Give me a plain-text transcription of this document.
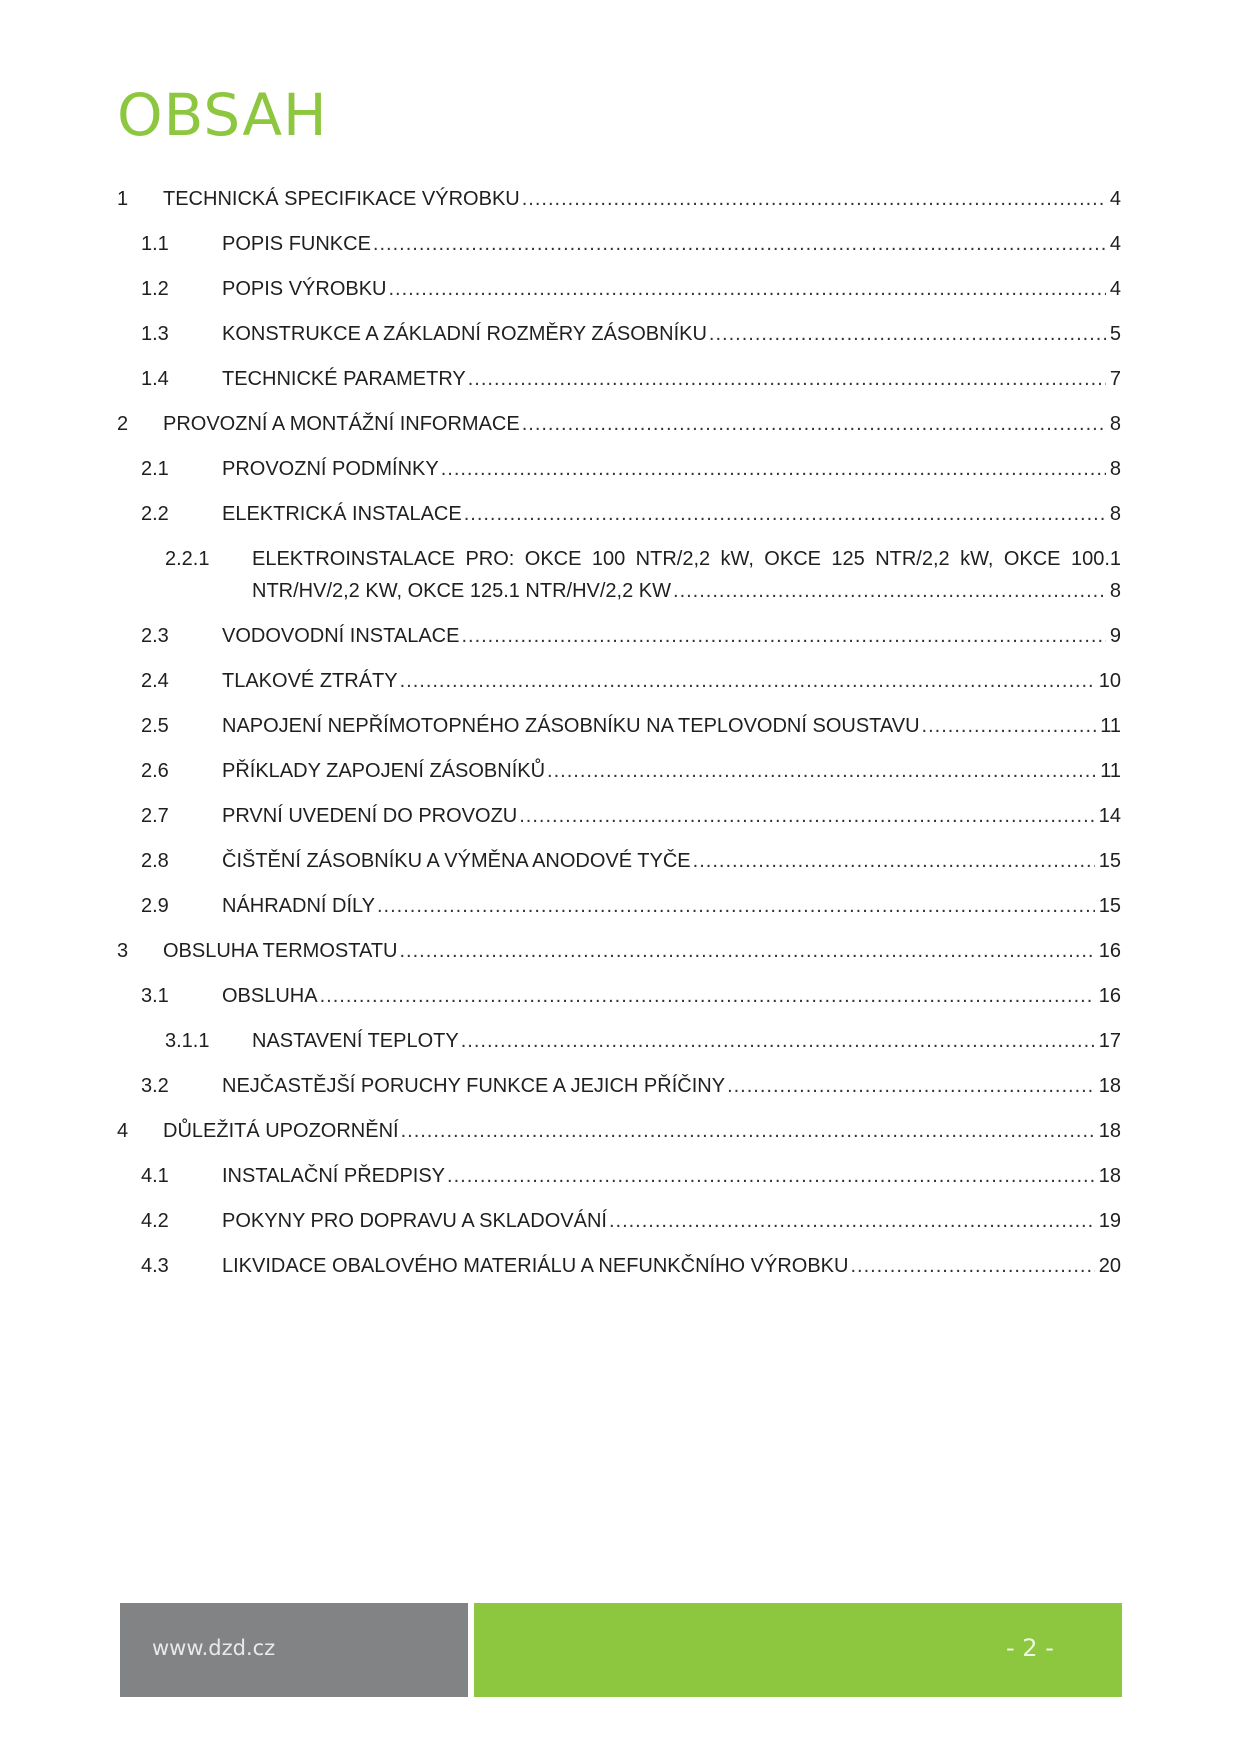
OBSAH
1 TECHNICKÁ SPECIFIKACE VÝROBKU .....	4
1.1	POPIS FUNKCE .....	4
1.2	POPIS VÝROBKU .....	4
1.3	KONSTRUKCE A ZÁKLADNÍ ROZMĚRY ZÁSOBNÍKU .....	5
1.4	TECHNICKÉ PARAMETRY .....	7
2 PROVOZNÍ A MONTÁŽNÍ INFORMACE .....	8
2.1	PROVOZNÍ PODMÍNKY .....	8
2.2	ELEKTRICKÁ INSTALACE .....	8
2.2.1 ELEKTROINSTALACE PRO: OKCE 100 NTR/2,2 kW, OKCE 125 NTR/2,2 kW, OKCE 100.1
NTR/HV/2,2 KW, OKCE 125.1 NTR/HV/2,2 KW .....	8
2.3	VODOVODNÍ INSTALACE .....	9
2.4	TLAKOVÉ ZTRÁTY .....	10
2.5	NAPOJENÍ NEPŘÍMOTOPNÉHO ZÁSOBNÍKU NA TEPLOVODNÍ SOUSTAVU .....	11
2.6	PŘÍKLADY ZAPOJENÍ ZÁSOBNÍKŮ .....	11
2.7	PRVNÍ UVEDENÍ DO PROVOZU .....	14
2.8	ČIŠTĚNÍ ZÁSOBNÍKU A VÝMĚNA ANODOVÉ TYČE .....	15
2.9	NÁHRADNÍ DÍLY .....	15
3 OBSLUHA TERMOSTATU .....	16
3.1	OBSLUHA .....	16
3.1.1 NASTAVENÍ TEPLOTY .....	17
3.2	NEJČASTĚJŠÍ PORUCHY FUNKCE A JEJICH PŘÍČINY .....	18
4 DŮLEŽITÁ UPOZORNĚNÍ .....	18
4.1	INSTALAČNÍ PŘEDPISY .....	18
4.2	POKYNY PRO DOPRAVU A SKLADOVÁNÍ .....	19
4.3	LIKVIDACE OBALOVÉHO MATERIÁLU A NEFUNKČNÍHO VÝROBKU .....	20
www.dzd.cz	- 2 -
